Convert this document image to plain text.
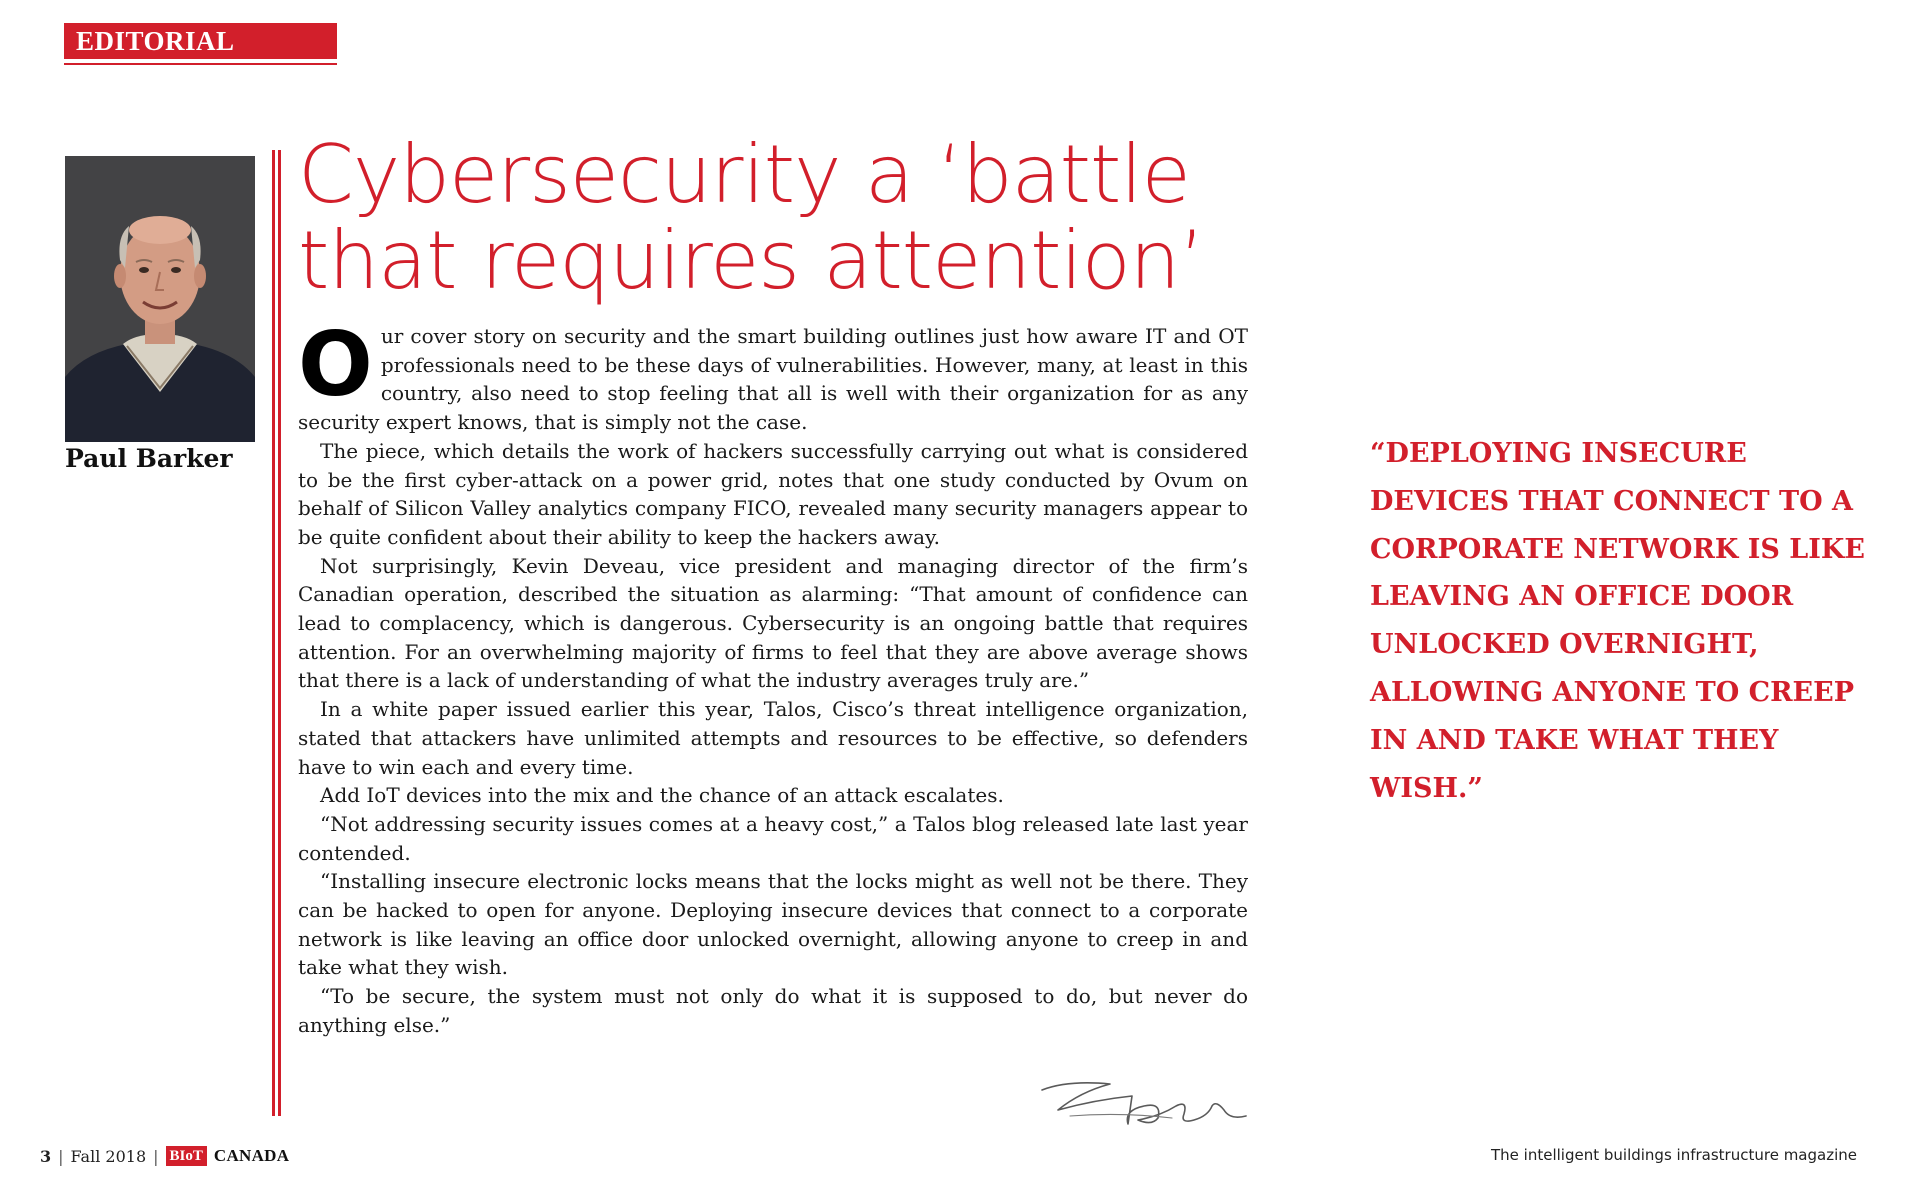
EDITORIAL
Paul Barker
Cybersecurity a ‘battle
that requires attention’

Our cover story on security and the smart building outlines just how aware IT and OT professionals need to be these days of vulnerabilities. However, many, at least in this country, also need to stop feeling that all is well with their organization for as any security expert knows, that is simply not the case.

The piece, which details the work of hackers successfully carrying out what is considered to be the first cyber-attack on a power grid, notes that one study conducted by Ovum on behalf of Silicon Valley analytics company FICO, revealed many security managers appear to be quite confident about their ability to keep the hackers away.

Not surprisingly, Kevin Deveau, vice president and managing director of the firm’s Canadian operation, described the situation as alarming: “That amount of confidence can lead to complacency, which is dangerous. Cybersecurity is an ongoing battle that requires attention. For an overwhelming majority of firms to feel that they are above average shows that there is a lack of understanding of what the industry averages truly are.”

In a white paper issued earlier this year, Talos, Cisco’s threat intelligence organization, stated that attackers have unlimited attempts and resources to be effective, so defenders have to win each and every time.

Add IoT devices into the mix and the chance of an attack escalates.

“Not addressing security issues comes at a heavy cost,” a Talos blog released late last year contended.

“Installing insecure electronic locks means that the locks might as well not be there. They can be hacked to open for anyone. Deploying insecure devices that connect to a corporate network is like leaving an office door unlocked overnight, allowing anyone to creep in and take what they wish.

“To be secure, the system must not only do what it is supposed to do, but never do anything else.”

“DEPLOYING INSECURE DEVICES THAT CONNECT TO A CORPORATE NETWORK IS LIKE LEAVING AN OFFICE DOOR UNLOCKED OVERNIGHT, ALLOWING ANYONE TO CREEP IN AND TAKE WHAT THEY WISH.”

3 | Fall 2018 | BIoT CANADA	The intelligent buildings infrastructure magazine
